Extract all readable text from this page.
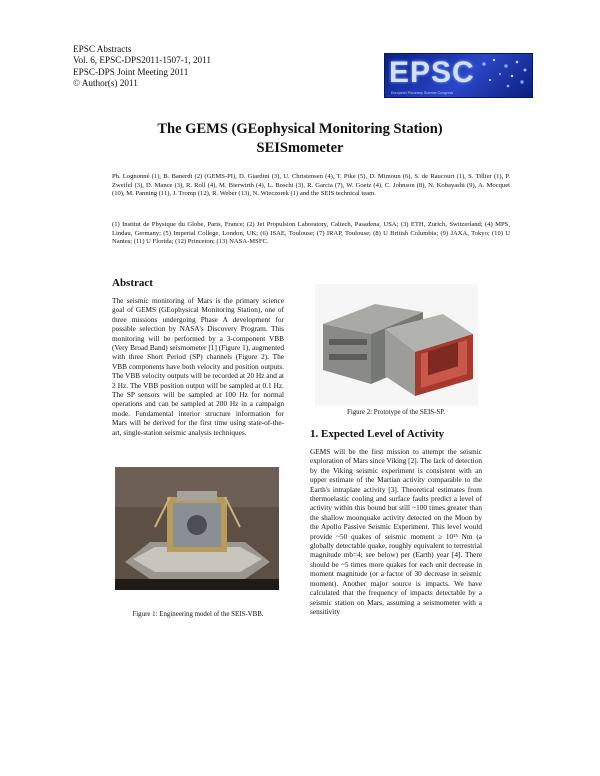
EPSC Abstracts
Vol. 6, EPSC-DPS2011-1507-1, 2011
EPSC-DPS Joint Meeting 2011
© Author(s) 2011	EPSC
European Planetary Science Congress
The GEMS (GEophysical Monitoring Station)
SEISmometer
Ph. Lognonné (1), B. Banerdt (2) (GEMS-PI), D. Giardini (3), U. Christensen (4), T. Pike (5), D. Mimoun (6), S. de Raucourt (1), S. Tillier (1), P. Zweifel (3), D. Mance (3), R. Roll (4), M. Bierwirth (4), L. Boschi (3), R. Garcia (7), W. Goetz (4), C. Johnson (8), N. Kobayashi (9), A. Mocquet (10), M. Panning (11), J. Tromp (12), R. Weber (13), N. Wieczorek (1) and the SEIS technical team.
(1) Institut de Physique du Globe, Paris, France; (2) Jet Propulsion Laboratory, Caltech, Pasadena, USA; (3) ETH, Zurich, Switzerland; (4) MPS, Lindau, Germany; (5) Imperial College, London, UK; (6) ISAE, Toulouse; (7) IRAP, Toulouse; (8) U British Columbia; (9) JAXA, Tokyo; (10) U Nantes; (11) U Florida; (12) Princeton; (13) NASA-MSFC.
Abstract
The seismic monitoring of Mars is the primary science goal of GEMS (GEophysical Monitoring Station), one of three missions undergoing Phase A development for possible selection by NASA's Discovery Program. This monitoring will be performed by a 3-component VBB (Very Broad Band) seismometer [1] (Figure 1), augmented with three Short Period (SP) channels (Figure 2). The VBB components have both velocity and position outputs. The VBB velocity outputs will be recorded at 20 Hz and at 2 Hz. The VBB position output will be sampled at 0.1 Hz. The SP sensors will be sampled at 100 Hz for normal operations and can be sampled at 200 Hz in a campaign mode. Fundamental interior structure information for Mars will be derived for the first time using state-of-the-art, single-station seismic analysis techniques.
Figure 1: Engineering model of the SEIS-VBB.
Figure 2: Prototype of the SEIS-SP.
1. Expected Level of Activity
GEMS will be the first mission to attempt the seismic exploration of Mars since Viking [2]. The lack of detection by the Viking seismic experiment is consistent with an upper estimate of the Martian activity comparable to the Earth's intraplate activity [3]. Theoretical estimates from thermoelastic cooling and surface faults predict a level of activity within this bound but still ~100 times greater than the shallow moonquake activity detected on the Moon by the Apollo Passive Seismic Experiment. This level would provide ~50 quakes of seismic moment ≥ 10¹⁵ Nm (a globally detectable quake, roughly equivalent to terrestrial magnitude mb=4; see below) per (Earth) year [4]. There should be ~5 times more quakes for each unit decrease in moment magnitude (or a factor of 30 decrease in seismic moment). Another major source is impacts. We have calculated that the frequency of impacts detectable by a seismic station on Mars, assuming a seismometer with a sensitivity
